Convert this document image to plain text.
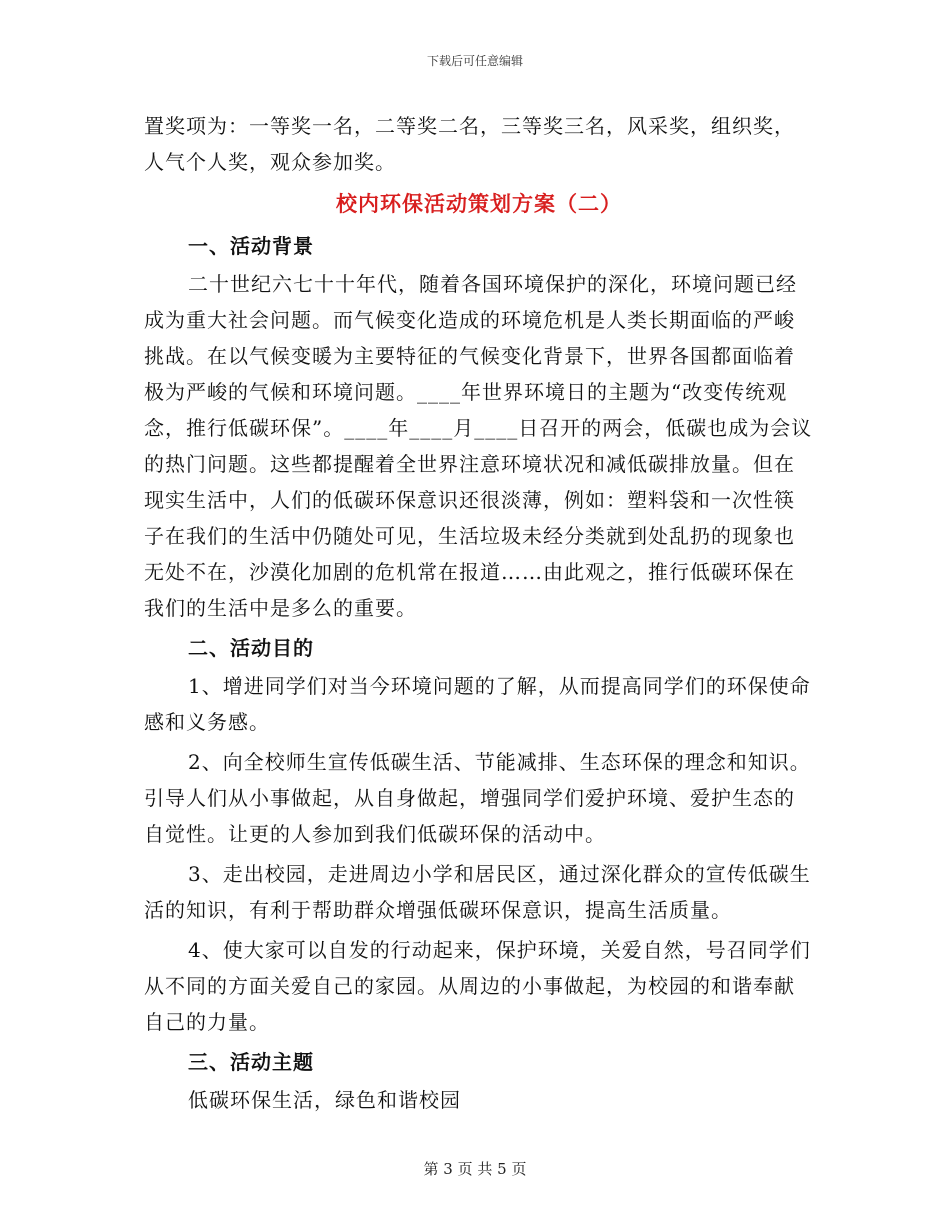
下载后可任意编辑

置奖项为：一等奖一名，二等奖二名，三等奖三名，风采奖，组织奖，人气个人奖，观众参加奖。

校内环保活动策划方案（二）

一、活动背景

二十世纪六七十十年代，随着各国环境保护的深化，环境问题已经成为重大社会问题。而气候变化造成的环境危机是人类长期面临的严峻挑战。在以气候变暖为主要特征的气候变化背景下，世界各国都面临着极为严峻的气候和环境问题。____年世界环境日的主题为“改变传统观念，推行低碳环保”。____年____月____日召开的两会，低碳也成为会议的热门问题。这些都提醒着全世界注意环境状况和减低碳排放量。但在现实生活中，人们的低碳环保意识还很淡薄，例如：塑料袋和一次性筷子在我们的生活中仍随处可见，生活垃圾未经分类就到处乱扔的现象也无处不在，沙漠化加剧的危机常在报道……由此观之，推行低碳环保在我们的生活中是多么的重要。

二、活动目的

1、增进同学们对当今环境问题的了解，从而提高同学们的环保使命感和义务感。

2、向全校师生宣传低碳生活、节能减排、生态环保的理念和知识。引导人们从小事做起，从自身做起，增强同学们爱护环境、爱护生态的自觉性。让更的人参加到我们低碳环保的活动中。

3、走出校园，走进周边小学和居民区，通过深化群众的宣传低碳生活的知识，有利于帮助群众增强低碳环保意识，提高生活质量。

4、使大家可以自发的行动起来，保护环境，关爱自然，号召同学们从不同的方面关爱自己的家园。从周边的小事做起，为校园的和谐奉献自己的力量。

三、活动主题

低碳环保生活，绿色和谐校园

第 3 页 共 5 页
